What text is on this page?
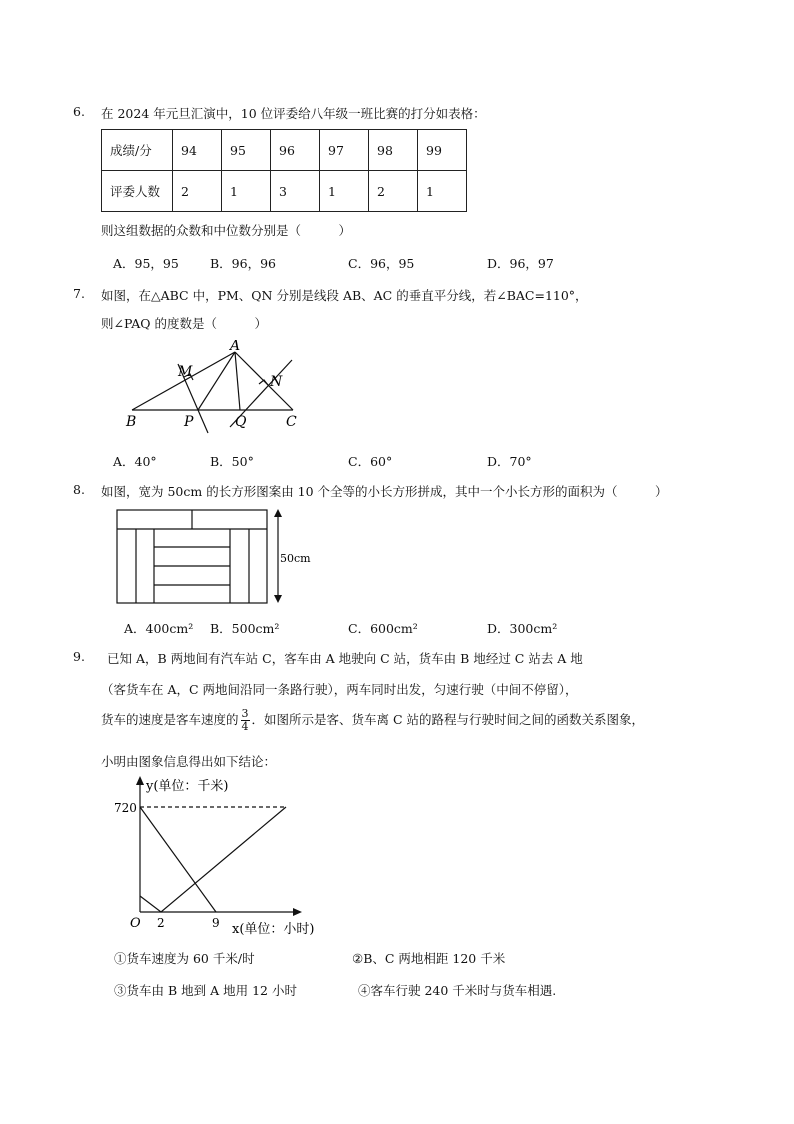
6. 在 2024 年元旦汇演中，10 位评委给八年级一班比赛的打分如表格：
成绩/分	94	95	96	97	98	99
评委人数	2	1	3	1	2	1
则这组数据的众数和中位数分别是（　　　）
A．95，95 B．96，96	C．96，95	D．96，97
7. 如图，在△ABC 中，PM、QN 分别是线段 AB、AC 的垂直平分线，若∠BAC=110°，
则∠PAQ 的度数是（　　　）
A
M
N
B	P	Q	C
A．40°	B．50°	C．60°	D．70°
8. 如图，宽为 50cm 的长方形图案由 10 个全等的小长方形拼成，其中一个小长方形的面积为（　　　）
50cm
A．400cm² B．500cm²	C．600cm²	D．300cm²
9. 已知 A，B 两地间有汽车站 C，客车由 A 地驶向 C 站，货车由 B 地经过 C 站去 A 地
（客货车在 A，C 两地间沿同一条路行驶），两车同时出发，匀速行驶（中间不停留），
货车的速度是客车速度的 $\frac{3}{4}$ ．如图所示是客、货车离 C 站的路程与行驶时间之间的函数关系图象，
小明由图象信息得出如下结论：
y(单位：千米)
720
O 2	9 x(单位：小时)
①货车速度为 60 千米/时	②B、C 两地相距 120 千米
③货车由 B 地到 A 地用 12 小时	④客车行驶 240 千米时与货车相遇.
